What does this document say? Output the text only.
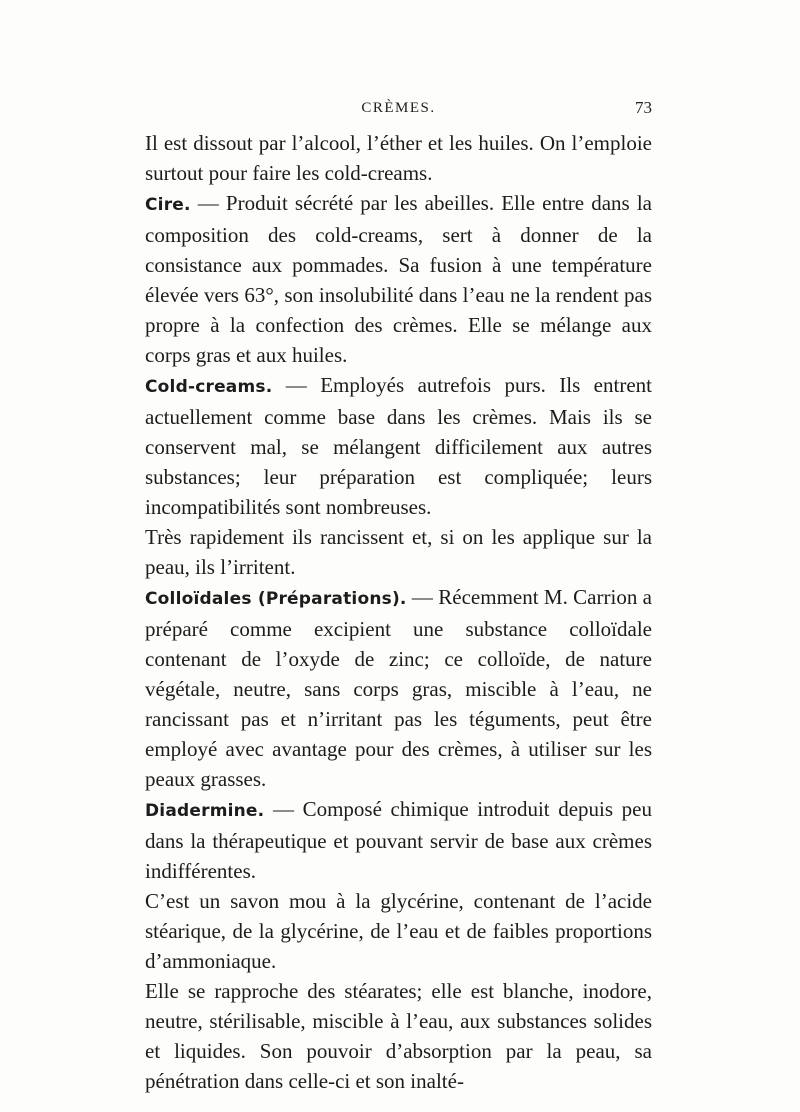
CRÈMES.	73

Il est dissout par l’alcool, l’éther et les huiles. On l’emploie surtout pour faire les cold-creams.

Cire. — Produit sécrété par les abeilles. Elle entre dans la composition des cold-creams, sert à donner de la consistance aux pommades. Sa fusion à une température élevée vers 63°, son insolubilité dans l’eau ne la rendent pas propre à la confection des crèmes. Elle se mélange aux corps gras et aux huiles.

Cold-creams. — Employés autrefois purs. Ils entrent actuellement comme base dans les crèmes. Mais ils se conservent mal, se mélangent difficilement aux autres substances; leur préparation est compliquée; leurs incompatibilités sont nombreuses.

Très rapidement ils rancissent et, si on les applique sur la peau, ils l’irritent.

Colloïdales (Préparations). — Récemment M. Carrion a préparé comme excipient une substance colloïdale contenant de l’oxyde de zinc; ce colloïde, de nature végétale, neutre, sans corps gras, miscible à l’eau, ne rancissant pas et n’irritant pas les téguments, peut être employé avec avantage pour des crèmes, à utiliser sur les peaux grasses.

Diadermine. — Composé chimique introduit depuis peu dans la thérapeutique et pouvant servir de base aux crèmes indifférentes.

C’est un savon mou à la glycérine, contenant de l’acide stéarique, de la glycérine, de l’eau et de faibles proportions d’ammoniaque.

Elle se rapproche des stéarates; elle est blanche, inodore, neutre, stérilisable, miscible à l’eau, aux substances solides et liquides. Son pouvoir d’absorption par la peau, sa pénétration dans celle-ci et son inalté-
